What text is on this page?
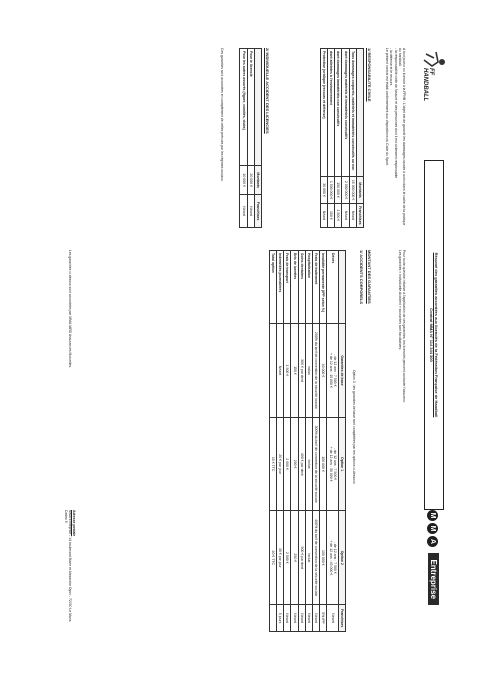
FF HANDBALL
Résumé des garanties accordées aux licenciés de la Fédération Française de Handball
Contrat MMA N° 114 344 300
MMA Entreprise
A tout joueur ou licencié à la FFHB : L'objet est de garantir les dommages causés à autrui dans le cadre de la pratique du handball.
- la responsabilité civile de l'assuré et des personnes dont il est civilement responsable
- la défense et le recours
Le présent contrat est établi conformément aux dispositions du Code du Sport.
1/ RESPONSABILITE CIVILE
	Montants	Franchises
Tous dommages corporels, matériels et immatériels consécutifs ou non	15 000 000 €	Néant
dont dommages matériels et immatériels consécutifs	2 000 000 €	Néant
dont dommages immatériels non consécutifs	150 000 €	1 500 €
dont atteintes à l'environnement	1 500 000 €	150 €
Protection juridique (recours et défense)	30 000 €	Néant
2/ INDIVIDUELLE ACCIDENT DES LICENCIES
	Montants	Franchises
Pour le licencié	20 000 €	Néant
Pour les autres assurés (figure, comités, clubs)	10 000 €	Néant
Ces garanties sont accordées en complément de celles prévues par les régimes sociaux.
Pour toute question relative à l'application de ces garanties, les licenciés peuvent contacter l'assureur.
Les garanties « Individuelle Accident » souscrites sont facultatives.
MONTANT DES GARANTIES
1/ ACCIDENTS CORPORELS
Option 3 : les garanties de base sont complétées par les options ci-dessous
	Garanties de base	Option 1	Option 2	Franchises
Décès	- de 12 ans : 7 500 €
+ de 12 ans : 15 000 €	- de 12 ans : 7 500 €
+ de 12 ans : 30 000 €	- de 12 ans : 7 500 €
+ de 12 ans : 45 000 €	Néant
Invalidité permanente (IPP selon %)	40 000 €	100 000 €	150 000 €	5% IPP
Frais de traitement	200% du tarif de convention de la sécurité sociale	300% du tarif de convention de la sécurité sociale	400% du tarif de convention de la sécurité sociale	Néant
Hospitalisation	inclus	inclus	inclus	Néant
Soins dentaires	300 € par dent	400 € par dent	500 € par dent	Néant
Bris de lunettes	150 €	200 €	250 €	Néant
Frais de transport	1 500 €	2 000 €	2 500 €	Néant
Indemnités journalières	Néant	20 € par jour	30 € par jour	5 jours
Total option		10 € TTC	20 € TTC	
Les garanties ci-dessus sont accordées par MMA IARD Assurances Mutuelles.
Adresse postale
MMA Entreprise - 14 boulevard Marie et Alexandre Oyon - 72030 Le Mans Cedex 9
